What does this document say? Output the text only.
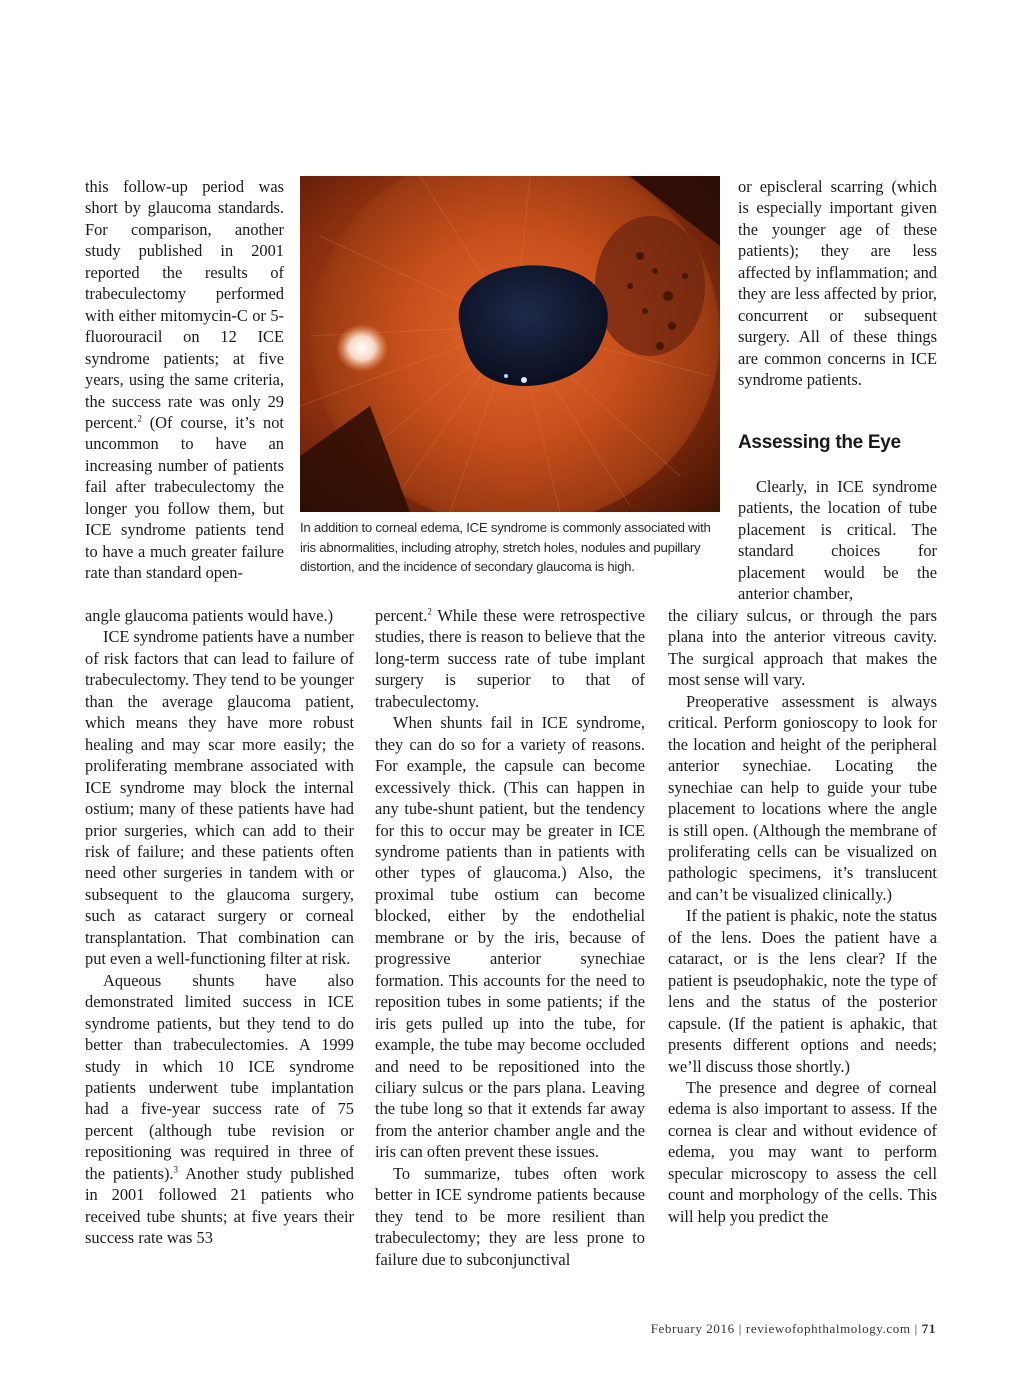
this follow-up period was short by glaucoma standards. For comparison, another study published in 2001 reported the results of trabeculectomy performed with either mitomycin-C or 5-fluorouracil on 12 ICE syndrome patients; at five years, using the same criteria, the success rate was only 29 percent.$^2$ (Of course, it’s not uncommon to have an increasing number of patients fail after trabeculectomy the longer you follow them, but ICE syndrome patients tend to have a much greater failure rate than standard open-

In addition to corneal edema, ICE syndrome is commonly associated with iris abnormalities, including atrophy, stretch holes, nodules and pupillary distortion, and the incidence of secondary glaucoma is high.

angle glaucoma patients would have.)

ICE syndrome patients have a number of risk factors that can lead to failure of trabeculectomy. They tend to be younger than the average glaucoma patient, which means they have more robust healing and may scar more easily; the proliferating membrane associated with ICE syndrome may block the internal ostium; many of these patients have had prior surgeries, which can add to their risk of failure; and these patients often need other surgeries in tandem with or subsequent to the glaucoma surgery, such as cataract surgery or corneal transplantation. That combination can put even a well-functioning filter at risk.

Aqueous shunts have also demonstrated limited success in ICE syndrome patients, but they tend to do better than trabeculectomies. A 1999 study in which 10 ICE syndrome patients underwent tube implantation had a five-year success rate of 75 percent (although tube revision or repositioning was required in three of the patients).$^3$ Another study published in 2001 followed 21 patients who received tube shunts; at five years their success rate was 53

percent.$^2$ While these were retrospective studies, there is reason to believe that the long-term success rate of tube implant surgery is superior to that of trabeculectomy.

When shunts fail in ICE syndrome, they can do so for a variety of reasons. For example, the capsule can become excessively thick. (This can happen in any tube-shunt patient, but the tendency for this to occur may be greater in ICE syndrome patients than in patients with other types of glaucoma.) Also, the proximal tube ostium can become blocked, either by the endothelial membrane or by the iris, because of progressive anterior synechiae formation. This accounts for the need to reposition tubes in some patients; if the iris gets pulled up into the tube, for example, the tube may become occluded and need to be repositioned into the ciliary sulcus or the pars plana. Leaving the tube long so that it extends far away from the anterior chamber angle and the iris can often prevent these issues.

To summarize, tubes often work better in ICE syndrome patients because they tend to be more resilient than trabeculectomy; they are less prone to failure due to subconjunctival

or episcleral scarring (which is especially important given the younger age of these patients); they are less affected by inflammation; and they are less affected by prior, concurrent or subsequent surgery. All of these things are common concerns in ICE syndrome patients.

Assessing the Eye

Clearly, in ICE syndrome patients, the location of tube placement is critical. The standard choices for placement would be the anterior chamber,

the ciliary sulcus, or through the pars plana into the anterior vitreous cavity. The surgical approach that makes the most sense will vary.

Preoperative assessment is always critical. Perform gonioscopy to look for the location and height of the peripheral anterior synechiae. Locating the synechiae can help to guide your tube placement to locations where the angle is still open. (Although the membrane of proliferating cells can be visualized on pathologic specimens, it’s translucent and can’t be visualized clinically.)

If the patient is phakic, note the status of the lens. Does the patient have a cataract, or is the lens clear? If the patient is pseudophakic, note the type of lens and the status of the posterior capsule. (If the patient is aphakic, that presents different options and needs; we’ll discuss those shortly.)

The presence and degree of corneal edema is also important to assess. If the cornea is clear and without evidence of edema, you may want to perform specular microscopy to assess the cell count and morphology of the cells. This will help you predict the

February 2016 | reviewofophthalmology.com | 71
